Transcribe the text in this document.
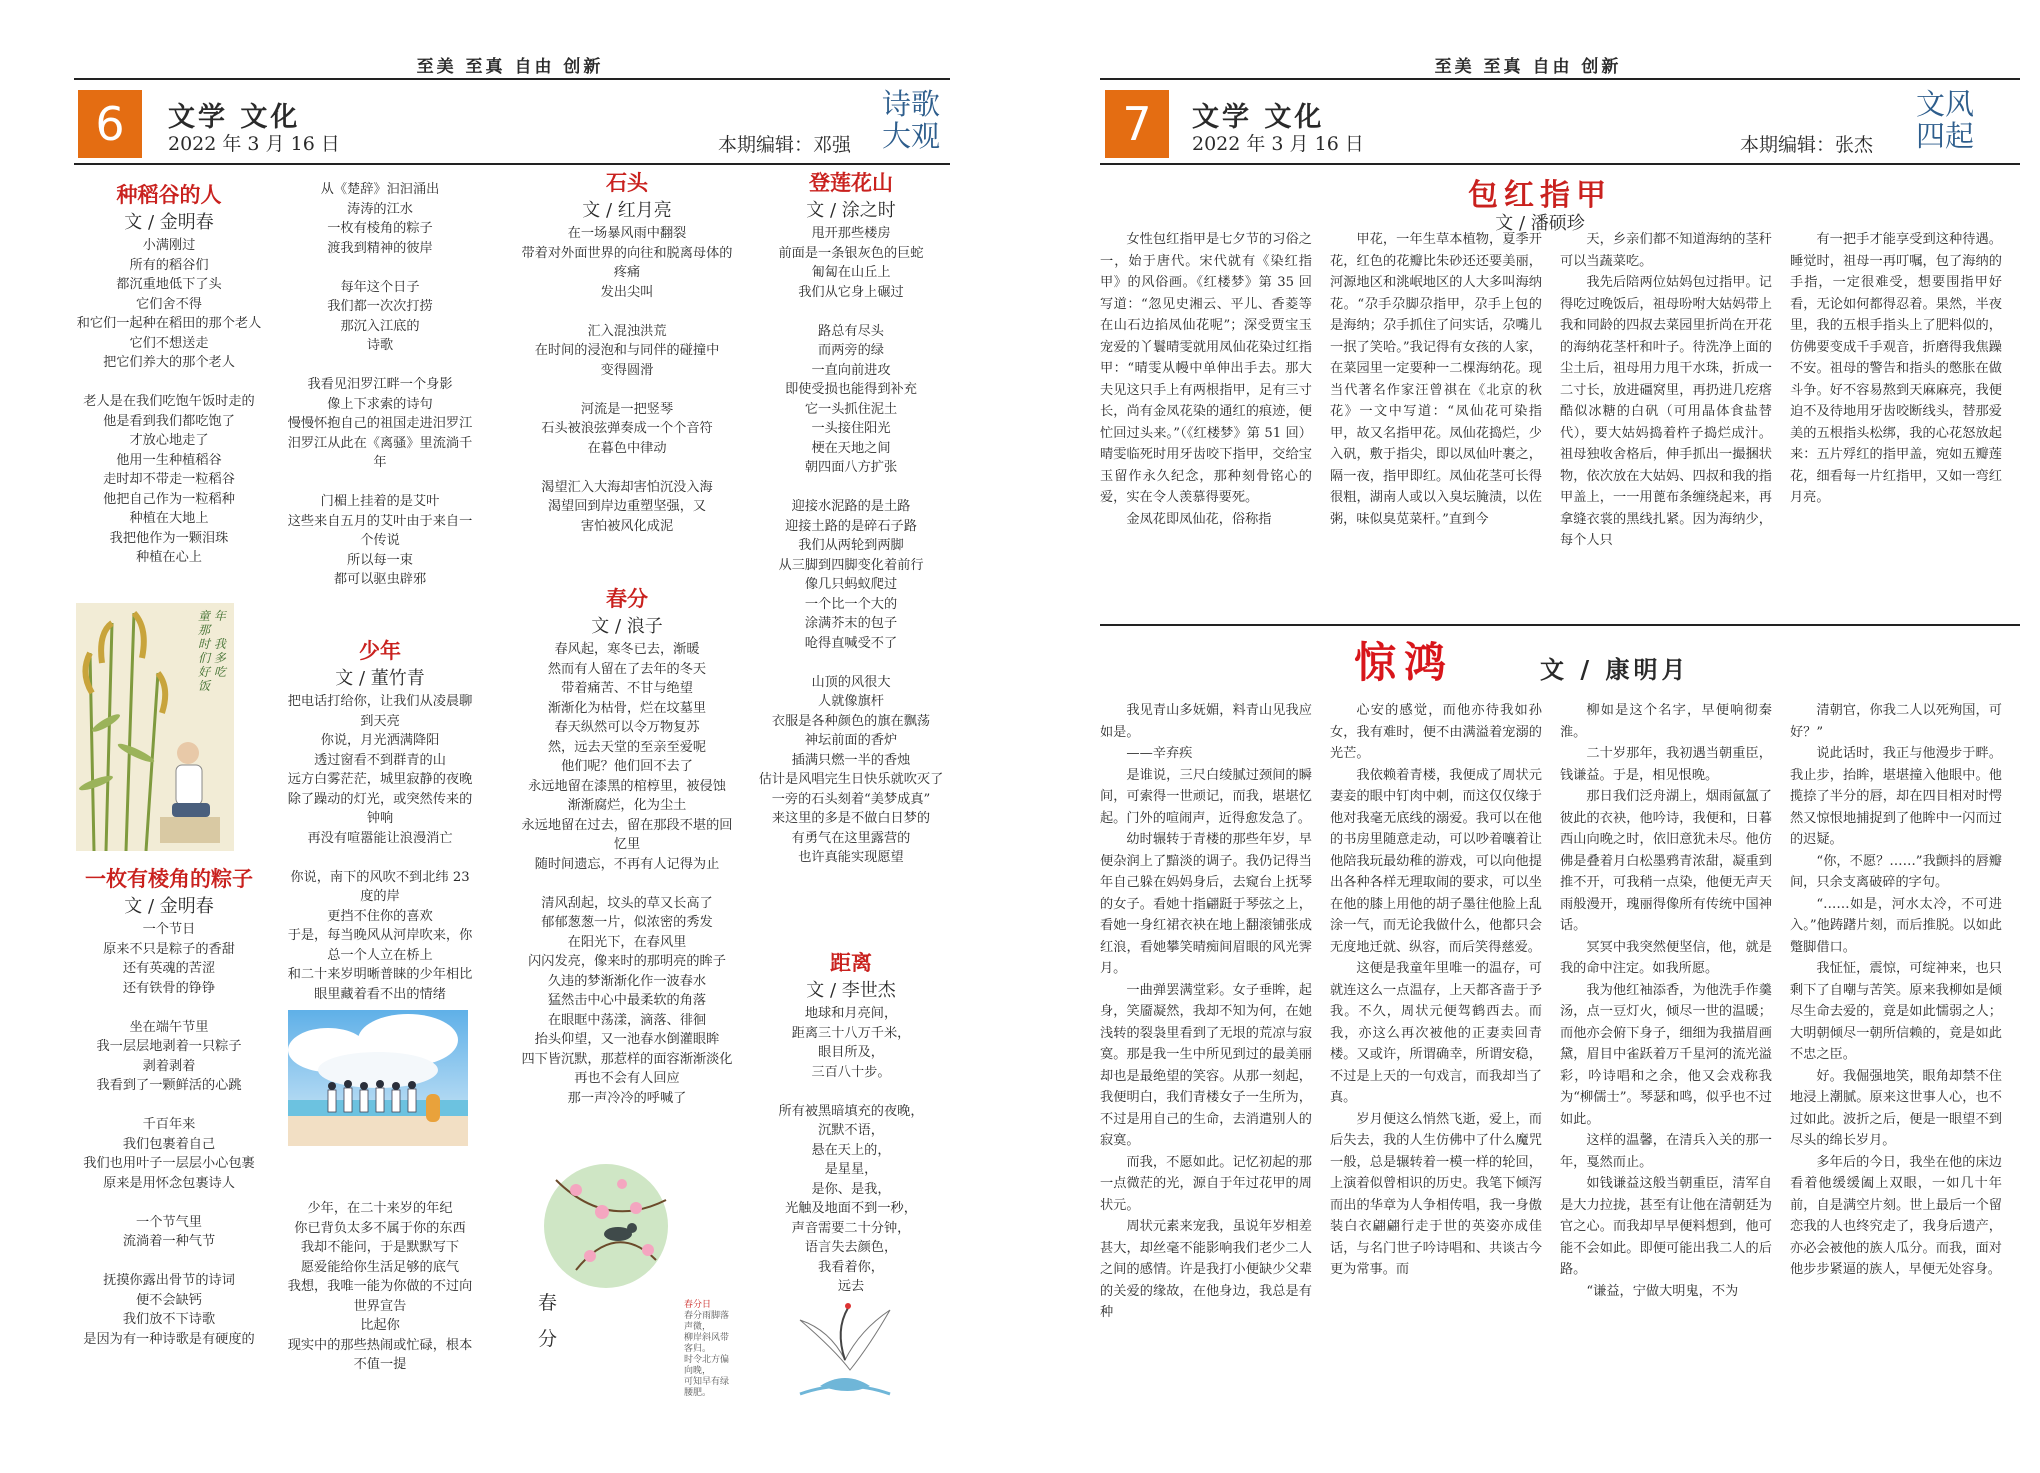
至美 至真 自由 创新
6	文学 文化
2022 年 3 月 16 日	本期编辑：邓强
诗歌
大观
种稻谷的人
文 / 金明春

小满刚过

所有的稻谷们

都沉重地低下了头

它们舍不得

和它们一起种在稻田的那个老人

它们不想送走

把它们养大的那个老人

老人是在我们吃饱午饭时走的

他是看到我们都吃饱了

才放心地走了

他用一生种植稻谷

走时却不带走一粒稻谷

他把自己作为一粒稻种

种植在大地上

我把他作为一颗泪珠

种植在心上

童 年 那
时 我 们 多
好 吃 饭
一枚有棱角的粽子
文 / 金明春

一个节日

原来不只是粽子的香甜

还有英魂的苦涩

还有铁骨的铮铮

坐在端午节里

我一层层地剥着一只粽子

剥着剥着

我看到了一颗鲜活的心跳

千百年来

我们包裹着自己

我们也用叶子一层层小心包裹

原来是用怀念包裹诗人

一个节气里

流淌着一种气节

抚摸你露出骨节的诗词

便不会缺钙

我们放不下诗歌

是因为有一种诗歌是有硬度的

从《楚辞》汩汩涌出

涛涛的江水

一枚有棱角的粽子

渡我到精神的彼岸

每年这个日子

我们都一次次打捞

那沉入江底的

诗歌

我看见汨罗江畔一个身影

像上下求索的诗句

慢慢怀抱自己的祖国走进汨罗江

汨罗江从此在《离骚》里流淌千年

门楣上挂着的是艾叶

这些来自五月的艾叶由于来自一个传说

所以每一束

都可以驱虫辟邪

少年
文 / 董竹青

把电话打给你，让我们从凌晨聊到天亮

你说，月光洒满降阳

透过窗看不到群青的山

远方白雾茫茫，城里寂静的夜晚

除了躁动的灯光，或突然传来的钟响

再没有喧嚣能让浪漫消亡

你说，南下的风吹不到北纬 23 度的岸

更挡不住你的喜欢

于是，每当晚风从河岸吹来，你总一个人立在桥上

和二十来岁明晰普睐的少年相比

眼里藏着看不出的情绪

少年，在二十来岁的年纪

你已背负太多不属于你的东西

我却不能问，于是默默写下

愿爱能给你生活足够的底气

我想，我唯一能为你做的不过向世界宣告

比起你

现实中的那些热闹或忙碌，根本不值一提

石头
文 / 红月亮

在一场暴风雨中翻裂

带着对外面世界的向往和脱离母体的疼痛

发出尖叫

汇入混浊洪荒

在时间的浸泡和与同伴的碰撞中

变得圆滑

河流是一把竖琴

石头被浪弦弹奏成一个个音符

在暮色中律动

渴望汇入大海却害怕沉没入海

渴望回到岸边重塑坚强，又

害怕被风化成泥

春分
文 / 浪子

春风起，寒冬已去，渐暖

然而有人留在了去年的冬天

带着痛苦、不甘与绝望

渐渐化为枯骨，烂在坟墓里

春天纵然可以令万物复苏

然，远去天堂的至亲至爱呢

他们呢？他们回不去了

永远地留在漆黑的棺椁里，被侵蚀

渐渐腐烂，化为尘土

永远地留在过去，留在那段不堪的回忆里

随时间遗忘，不再有人记得为止

清风刮起，坟头的草又长高了

郁郁葱葱一片，似浓密的秀发

在阳光下，在春风里

闪闪发亮，像来时的那明亮的眸子

久违的梦渐渐化作一波春水

猛然击中心中最柔软的角落

在眼眶中荡漾，滴落、徘徊

抬头仰望，又一池春水倒灌眼眸

四下皆沉默，那惹样的面容渐渐淡化

再也不会有人回应

那一声冷冷的呼喊了

春
分
春分日
春分雨脚落声微，
柳岸斜风带客归。
时令北方偏向晚，
可知早有绿腰肥。
登莲花山
文 / 涂之时

甩开那些楼房

前面是一条银灰色的巨蛇

匍匐在山丘上

我们从它身上碾过

路总有尽头

而两旁的绿

一直向前进攻

即使受损也能得到补充

它一头抓住泥土

一头接住阳光

梗在天地之间

朝四面八方扩张

迎接水泥路的是土路

迎接土路的是碎石子路

我们从两轮到两脚

从三脚到四脚变化着前行

像几只蚂蚁爬过

一个比一个大的

涂满芥末的包子

呛得直喊受不了

山顶的风很大

人就像旗杆

衣服是各种颜色的旗在飘荡

神坛前面的香炉

插满只燃一半的香烛

估计是风唱完生日快乐就吹灭了

一旁的石头刻着“美梦成真”

来这里的多是不做白日梦的

有勇气在这里露营的

也许真能实现愿望

距离
文 / 李世杰

地球和月亮间，

距离三十八万千米，

眼目所及，

三百八十步。

所有被黑暗填充的夜晚，

沉默不语，

悬在天上的，

是星星，

是你、是我，

光触及地面不到一秒，

声音需要二十分钟，

语言失去颜色，

我看着你，

远去

至美 至真 自由 创新
7	文学 文化
2022 年 3 月 16 日	本期编辑：张杰
文风
四起
包红指甲
文 / 潘硕珍

女性包红指甲是七夕节的习俗之一，始于唐代。宋代就有《染红指甲》的风俗画。《红楼梦》第 35 回写道：“忽见史湘云、平儿、香菱等在山石边掐凤仙花呢”；深受贾宝玉宠爱的丫鬟晴雯就用凤仙花染过红指甲：“晴雯从幔中单伸出手去。那大夫见这只手上有两根指甲，足有三寸长，尚有金凤花染的通红的痕迹，便忙回过头来。”（《红楼梦》第 51 回）晴雯临死时用牙齿咬下指甲，交给宝玉留作永久纪念，那种刻骨铭心的爱，实在令人羡慕得要死。

金凤花即凤仙花，俗称指

甲花，一年生草本植物，夏季开花，红色的花瓣比朱砂还还要美丽，河源地区和洮岷地区的人大多叫海纳花。“尕手尕脚尕指甲，尕手上包的是海纳；尕手抓住了问实话，尕嘴儿一抿了笑哈。”我记得有女孩的人家，在菜园里一定要种一二棵海纳花。现当代著名作家汪曾祺在《北京的秋花》一文中写道：“凤仙花可染指甲，故又名指甲花。凤仙花捣烂，少入矾，敷于指尖，即以凤仙叶裹之，隔一夜，指甲即红。凤仙花茎可长得很粗，湖南人或以入臭坛腌渍，以佐粥，味似臭苋菜杆。”直到今

天，乡亲们都不知道海纳的茎秆可以当蔬菜吃。

我先后陪两位姑妈包过指甲。记得吃过晚饭后，祖母吩咐大姑妈带上我和同龄的四叔去菜园里折尚在开花的海纳花茎杆和叶子。待洗净上面的尘土后，祖母用力甩干水珠，折成一二寸长，放进礓窝里，再扔进几疙瘩酷似冰糖的白矾（可用晶体食盐替代），要大姑妈捣着杵子捣烂成汁。祖母独收舍格后，伸手抓出一撮捆状物，依次放在大姑妈、四叔和我的指甲盖上，一一用蓖布条缠绕起来，再拿缝衣裳的黑线扎紧。因为海纳少，每个人只

有一把手才能享受到这种待遇。睡觉时，祖母一再叮嘱，包了海纳的手指，一定很难受，想要围指甲好看，无论如何都得忍着。果然，半夜里，我的五根手指头上了肥料似的，仿佛要变成千手观音，折磨得我焦躁不安。祖母的警告和指头的憋胀在做斗争。好不容易熬到天麻麻亮，我便迫不及待地用牙齿咬断线头，替那爱美的五根指头松绑，我的心花怒放起来：五片殍红的指甲盖，宛如五瓣莲花，细看每一片红指甲，又如一弯红月亮。

惊鸿	文 / 康明月

我见青山多妩媚，料青山见我应如是。

——辛弃疾

是谁说，三尺白绫腻过颈间的瞬间，可索得一世顽记，而我，堪堪忆起。门外的喧闹声，近得愈发急了。

幼时辗转于青楼的那些年岁，早便杂润上了黯淡的调子。我仍记得当年自己躲在妈妈身后，去窥台上抚琴的女子。看她十指翩跹于琴弦之上，看她一身红裙衣袂在地上翻滚铺张成红浪，看她攀笑晴痴间眉眼的风光霁月。

一曲弹罢满堂彩。女子垂眸，起身，笑靥凝然，我却不知为何，在她浅转的裂袅里看到了无垠的荒凉与寂寞。那是我一生中所见到过的最美丽却也是最绝望的笑容。从那一刻起，我便明白，我们青楼女子一生所为，不过是用自己的生命，去消遣别人的寂寞。

而我，不愿如此。记忆初起的那一点微茫的光，源自于年过花甲的周状元。

周状元素来宠我，虽说年岁相差甚大，却丝毫不能影响我们老少二人之间的感情。许是我打小便缺少父辈的关爱的缘故，在他身边，我总是有种

心安的感觉，而他亦待我如孙女，我有难时，便不由满溢着宠溺的光芒。

我依赖着青楼，我便成了周状元妻妾的眼中钉肉中刺，而这仅仅缘于他对我毫无底线的溺爱。我可以在他的书房里随意走动，可以吵着嚷着让他陪我玩最幼稚的游戏，可以向他提出各种各样无理取闹的要求，可以坐在他的膝上用他的胡子墨往他脸上乱涂一气，而无论我做什么，他都只会无度地迁就、纵容，而后笑得慈爱。

这便是我童年里唯一的温存，可就连这么一点温存，上天都吝啬于予我。不久，周状元便驾鹤西去。而我，亦这么再次被他的正妻卖回青楼。又或许，所谓确幸，所谓安稳，不过是上天的一句戏言，而我却当了真。

岁月便这么悄然飞逝，爱上，而后失去，我的人生仿佛中了什么魔咒一般，总是辗转着一模一样的轮回，上演着似曾相识的历史。我笔下倾泻而出的华章为人争相传唱，我一身傲装白衣翩翩行走于世的英姿亦成佳话，与名门世子吟诗唱和、共谈古今更为常事。而

柳如是这个名字，早便响彻秦淮。

二十岁那年，我初遇当朝重臣，钱谦益。于是，相见恨晚。

那日我们泛舟湖上，烟雨氤氲了彼此的衣袂，他吟诗，我便和，日暮西山向晚之时，依旧意犹未尽。他仿佛是叠着月白松墨鸦青浓甜，凝重到推不开，可我稍一点染，他便无声天雨般漫开，瑰丽得像所有传统中国神话。

冥冥中我突然便坚信，他，就是我的命中注定。如我所愿。

我为他红袖添香，为他洗手作羹汤，点一豆灯火，倾尽一世的温暖；而他亦会俯下身子，细细为我描眉画黛，眉目中雀跃着万千星河的流光溢彩，吟诗唱和之余，他又会戏称我为“柳儒士”。琴瑟和鸣，似乎也不过如此。

这样的温馨，在清兵入关的那一年，戛然而止。

如钱谦益这般当朝重臣，清军自是大力拉拢，甚至有让他在清朝廷为官之心。而我却早早便料想到，他可能不会如此。即便可能出我二人的后路。

“谦益，宁做大明鬼，不为

清朝官，你我二人以死殉国，可好？”

说此话时，我正与他漫步于畔。我止步，抬眸，堪堪撞入他眼中。他揽捺了半分的唇，却在四目相对时愕然又惊恨地捕捉到了他眸中一闪而过的迟疑。

“你，不愿？……”我颤抖的唇瓣间，只余支离破碎的字句。

“……如是，河水太冷，不可进入。”他踌躇片刻，而后推脱。以如此蹩脚借口。

我怔怔，震惊，可绽神来，也只剩下了自嘲与苦笑。原来我柳如是倾尽生命去爱的，竟是如此懦弱之人；大明朝倾尽一朝所信赖的，竟是如此不忠之臣。

好。我倔强地笑，眼角却禁不住地浸上潮腻。原来这世事人心，也不过如此。波折之后，便是一眼望不到尽头的绵长岁月。

多年后的今日，我坐在他的床边看着他缓缓阖上双眼，一如几十年前，自是满空片刻。世上最后一个留恋我的人也终究走了，我身后遗产，亦必会被他的族人瓜分。而我，面对他步步紧逼的族人，早便无处容身。
